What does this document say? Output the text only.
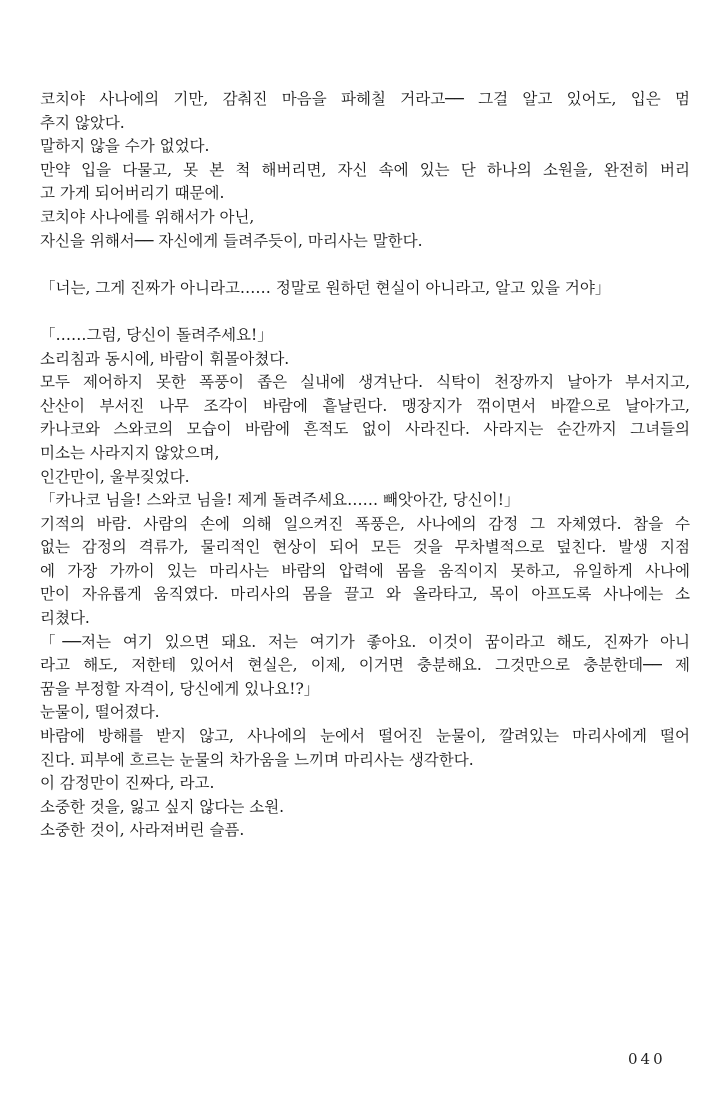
코치야 사나에의 기만, 감춰진 마음을 파헤칠 거라고── 그걸 알고 있어도, 입은 멈
추지 않았다.
말하지 않을 수가 없었다.
만약 입을 다물고, 못 본 척 해버리면, 자신 속에 있는 단 하나의 소원을, 완전히 버리
고 가게 되어버리기 때문에.
코치야 사나에를 위해서가 아닌,
자신을 위해서── 자신에게 들려주듯이, 마리사는 말한다.
「너는, 그게 진짜가 아니라고…… 정말로 원하던 현실이 아니라고, 알고 있을 거야」
「……그럼, 당신이 돌려주세요!」
소리침과 동시에, 바람이 휘몰아쳤다.
모두 제어하지 못한 폭풍이 좁은 실내에 생겨난다. 식탁이 천장까지 날아가 부서지고,
산산이 부서진 나무 조각이 바람에 흩날린다. 맹장지가 꺾이면서 바깥으로 날아가고,
카나코와 스와코의 모습이 바람에 흔적도 없이 사라진다. 사라지는 순간까지 그녀들의
미소는 사라지지 않았으며,
인간만이, 울부짖었다.
「카나코 님을! 스와코 님을! 제게 돌려주세요…… 빼앗아간, 당신이!」
기적의 바람. 사람의 손에 의해 일으켜진 폭풍은, 사나에의 감정 그 자체였다. 참을 수
없는 감정의 격류가, 물리적인 현상이 되어 모든 것을 무차별적으로 덮친다. 발생 지점
에 가장 가까이 있는 마리사는 바람의 압력에 몸을 움직이지 못하고, 유일하게 사나에
만이 자유롭게 움직였다. 마리사의 몸을 끌고 와 올라타고, 목이 아프도록 사나에는 소
리쳤다.
「──저는 여기 있으면 돼요. 저는 여기가 좋아요. 이것이 꿈이라고 해도, 진짜가 아니
라고 해도, 저한테 있어서 현실은, 이제, 이거면 충분해요. 그것만으로 충분한데── 제
꿈을 부정할 자격이, 당신에게 있나요!?」
눈물이, 떨어졌다.
바람에 방해를 받지 않고, 사나에의 눈에서 떨어진 눈물이, 깔려있는 마리사에게 떨어
진다. 피부에 흐르는 눈물의 차가움을 느끼며 마리사는 생각한다.
이 감정만이 진짜다, 라고.
소중한 것을, 잃고 싶지 않다는 소원.
소중한 것이, 사라져버린 슬픔.
040
